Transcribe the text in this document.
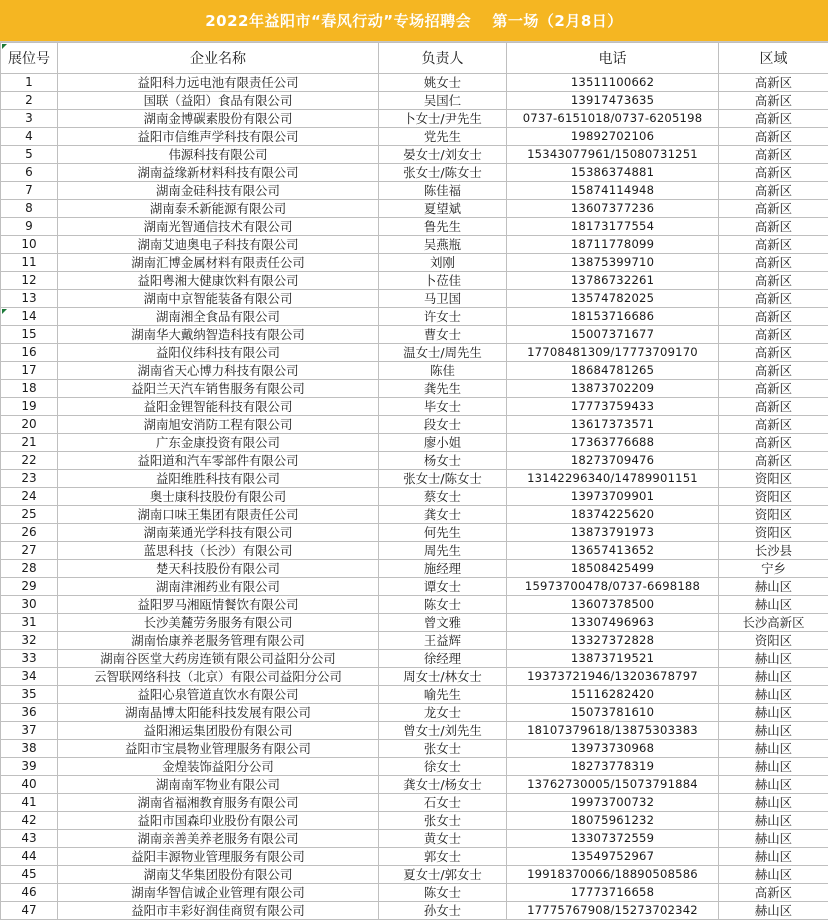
2022年益阳市“春风行动”专场招聘会　 第一场（2月8日）
展位号	企业名称	负责人	电话	区域
1	益阳科力远电池有限责任公司	姚女士	13511100662	高新区
2	国联（益阳）食品有限公司	吴国仁	13917473635	高新区
3	湖南金博碳素股份有限公司	卜女士/尹先生	0737-6151018/0737-6205198	高新区
4	益阳市信维声学科技有限公司	党先生	19892702106	高新区
5	伟源科技有限公司	晏女士/刘女士	15343077961/15080731251	高新区
6	湖南益缘新材料科技有限公司	张女士/陈女士	15386374881	高新区
7	湖南金硅科技有限公司	陈佳福	15874114948	高新区
8	湖南泰禾新能源有限公司	夏望斌	13607377236	高新区
9	湖南光智通信技术有限公司	鲁先生	18173177554	高新区
10	湖南艾迪奥电子科技有限公司	吴燕瓶	18711778099	高新区
11	湖南汇博金属材料有限责任公司	刘刚	13875399710	高新区
12	益阳粤湘大健康饮料有限公司	卜莅佳	13786732261	高新区
13	湖南中京智能装备有限公司	马卫国	13574782025	高新区
14	湖南湘全食品有限公司	许女士	18153716686	高新区
15	湖南华大戴纳智造科技有限公司	曹女士	15007371677	高新区
16	益阳仪纬科技有限公司	温女士/周先生	17708481309/17773709170	高新区
17	湖南省天心博力科技有限公司	陈佳	18684781265	高新区
18	益阳兰天汽车销售服务有限公司	龚先生	13873702209	高新区
19	益阳金锂智能科技有限公司	毕女士	17773759433	高新区
20	湖南旭安消防工程有限公司	段女士	13617373571	高新区
21	广东金康投资有限公司	廖小姐	17363776688	高新区
22	益阳道和汽车零部件有限公司	杨女士	18273709476	高新区
23	益阳维胜科技有限公司	张女士/陈女士	13142296340/14789901151	资阳区
24	奥士康科技股份有限公司	蔡女士	13973709901	资阳区
25	湖南口味王集团有限责任公司	龚女士	18374225620	资阳区
26	湖南莱通光学科技有限公司	何先生	13873791973	资阳区
27	蓝思科技（长沙）有限公司	周先生	13657413652	长沙县
28	楚天科技股份有限公司	施经理	18508425499	宁乡
29	湖南津湘药业有限公司	谭女士	15973700478/0737-6698188	赫山区
30	益阳罗马湘瓯情餐饮有限公司	陈女士	13607378500	赫山区
31	长沙美麓劳务服务有限公司	曾文雅	13307496963	长沙高新区
32	湖南怡康养老服务管理有限公司	王益辉	13327372828	资阳区
33	湖南谷医堂大药房连锁有限公司益阳分公司	徐经理	13873719521	赫山区
34	云智联网络科技（北京）有限公司益阳分公司	周女士/林女士	19373721946/13203678797	赫山区
35	益阳心泉管道直饮水有限公司	喻先生	15116282420	赫山区
36	湖南晶博太阳能科技发展有限公司	龙女士	15073781610	赫山区
37	益阳湘运集团股份有限公司	曾女士/刘先生	18107379618/13875303383	赫山区
38	益阳市宝晨物业管理服务有限公司	张女士	13973730968	赫山区
39	金煌装饰益阳分公司	徐女士	18273778319	赫山区
40	湖南南军物业有限公司	龚女士/杨女士	13762730005/15073791884	赫山区
41	湖南省福湘教育服务有限公司	石女士	19973700732	赫山区
42	益阳市国森印业股份有限公司	张女士	18075961232	赫山区
43	湖南亲善美养老服务有限公司	黄女士	13307372559	赫山区
44	益阳丰源物业管理服务有限公司	郭女士	13549752967	赫山区
45	湖南艾华集团股份有限公司	夏女士/郭女士	19918370066/18890508586	赫山区
46	湖南华智信诚企业管理有限公司	陈女士	17773716658	高新区
47	益阳市丰彩好润佳商贸有限公司	孙女士	17775767908/15273702342	赫山区
